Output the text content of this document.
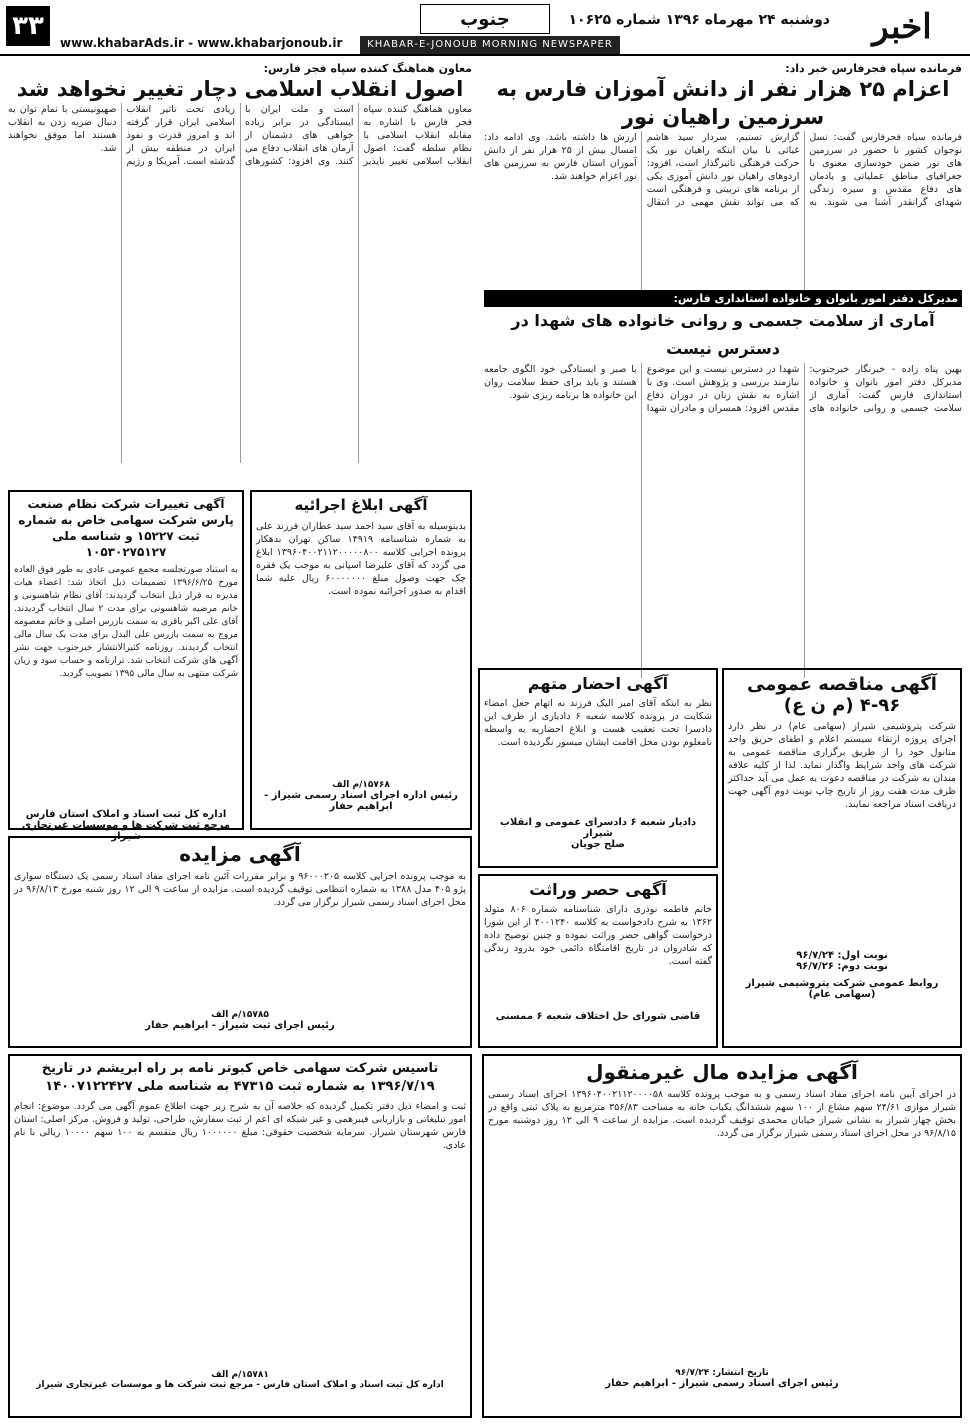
اخبر
دوشنبه ۲۴ مهرماه ۱۳۹۶ شماره ۱۰۶۲۵
جنوب
KHABAR-E-JONOUB MORNING NEWSPAPER
www.khabarAds.ir - www.khabarjonoub.ir
۳۳
فرمانده سپاه فجرفارس خبر داد:
اعزام ۲۵ هزار نفر از دانش آموزان فارس به سرزمین راهیان نور
فرمانده سپاه فجرفارس گفت: نسل نوجوان کشور با حضور در سرزمین های نور ضمن خودسازی معنوی با جغرافیای مناطق عملیاتی و یادمان های دفاع مقدس و سیره زندگی شهدای گرانقدر آشنا می شوند. به گزارش تسنیم، سردار سید هاشم غیاثی با بیان اینکه راهیان نور یک حرکت فرهنگی تاثیرگذار است، افزود: اردوهای راهیان نور دانش آموزی یکی از برنامه های تربیتی و فرهنگی است که می تواند نقش مهمی در انتقال ارزش ها داشته باشد. وی ادامه داد: امسال بیش از ۲۵ هزار نفر از دانش آموزان استان فارس به سرزمین های نور اعزام خواهند شد.
معاون هماهنگ کننده سپاه فجر فارس:
اصول انقلاب اسلامی دچار تغییر نخواهد شد
معاون هماهنگ کننده سپاه فجر فارس با اشاره به مقابله انقلاب اسلامی با نظام سلطه گفت: اصول انقلاب اسلامی تغییر ناپذیر است و ملت ایران با ایستادگی در برابر زیاده خواهی های دشمنان از آرمان های انقلاب دفاع می کنند. وی افزود: کشورهای زیادی تحت تاثیر انقلاب اسلامی ایران قرار گرفته اند و امروز قدرت و نفوذ ایران در منطقه بیش از گذشته است. آمریکا و رژیم صهیونیستی با تمام توان به دنبال ضربه زدن به انقلاب هستند اما موفق نخواهند شد.
مدیرکل دفتر امور بانوان و خانواده استانداری فارس:
آماری از سلامت جسمی و روانی خانواده های شهدا در دسترس نیست
بهین پناه زاده - خبرنگار خبرجنوب: مدیرکل دفتر امور بانوان و خانواده استانداری فارس گفت: آماری از سلامت جسمی و روانی خانواده های شهدا در دسترس نیست و این موضوع نیازمند بررسی و پژوهش است. وی با اشاره به نقش زنان در دوران دفاع مقدس افزود: همسران و مادران شهدا با صبر و ایستادگی خود الگوی جامعه هستند و باید برای حفظ سلامت روان این خانواده ها برنامه ریزی شود.
آگهی تغییرات شرکت نظام صنعت پارس شرکت سهامی خاص به شماره ثبت ۱۵۲۲۷ و شناسه ملی ۱۰۵۳۰۲۷۵۱۲۷
به استناد صورتجلسه مجمع عمومی عادی به طور فوق العاده مورخ ۱۳۹۶/۶/۲۵ تصمیمات ذیل اتخاذ شد: اعضاء هیات مدیره به قرار ذیل انتخاب گردیدند: آقای نظام شاهسونی و خانم مرضیه شاهسونی برای مدت ۲ سال انتخاب گردیدند. آقای علی اکبر باقری به سمت بازرس اصلی و خانم معصومه مروج به سمت بازرس علی البدل برای مدت یک سال مالی انتخاب گردیدند. روزنامه کثیرالانتشار خبرجنوب جهت نشر آگهی های شرکت انتخاب شد. ترازنامه و حساب سود و زیان شرکت منتهی به سال مالی ۱۳۹۵ تصویب گردید.
اداره کل ثبت اسناد و املاک استان فارس
مرجع ثبت شرکت ها و موسسات غیرتجاری شیراز
آگهی ابلاغ اجرائیه
بدینوسیله به آقای سید احمد سید عطاران فرزند علی به شماره شناسنامه ۱۴۹۱۹ ساکن تهران بدهکار پرونده اجرایی کلاسه ۱۳۹۶۰۴۰۰۲۱۱۲۰۰۰۰۰۸۰۰ ابلاغ می گردد که آقای علیرضا اسپانی به موجب یک فقره چک جهت وصول مبلغ ۶۰۰۰۰۰۰۰ ریال علیه شما اقدام به صدور اجرائیه نموده است.
۱۵۷۶۸/م الف
رئیس اداره اجرای اسناد رسمی شیراز - ابراهیم حفار
آگهی احضار متهم
نظر به اینکه آقای امیر الیک فرزند نه اتهام جعل امضاء شکایت در پرونده کلاسه شعبه ۶ دادیاری از طرف این دادسرا تحت تعقیب هست و ابلاغ احضاریه به واسطه نامعلوم بودن محل اقامت ایشان میسور نگردیده است.
دادیار شعبه ۶ دادسرای عمومی و انقلاب شیراز
صلح جویان
آگهی مناقصه عمومی
۴-۹۶ (م ن ع)
شرکت پتروشیمی شیراز (سهامی عام) در نظر دارد اجرای پروژه ارتقاء سیستم اعلام و اطفای حریق واحد متانول خود را از طریق برگزاری مناقصه عمومی به شرکت های واجد شرایط واگذار نماید. لذا از کلیه علاقه مندان به شرکت در مناقصه دعوت به عمل می آید حداکثر ظرف مدت هفت روز از تاریخ چاپ نوبت دوم آگهی جهت دریافت اسناد مراجعه نمایند.
نوبت اول: ۹۶/۷/۲۴
نوبت دوم: ۹۶/۷/۲۶
روابط عمومی شرکت پتروشیمی شیراز (سهامی عام)
آگهی حصر وراثت
خانم فاطمه نوذری دارای شناسنامه شماره ۸۰۶ متولد ۱۳۶۲ به شرح دادخواست به کلاسه ۴۰۰۱۲۴۰ از این شورا درخواست گواهی حصر وراثت نموده و چنین توضیح داده که شادروان در تاریخ اقامتگاه دائمی خود بدرود زندگی گفته است.
قاضی شورای حل اختلاف شعبه ۶ ممسنی
آگهی مزایده
به موجب پرونده اجرایی کلاسه ۹۶۰۰۰۲۰۵ و برابر مقررات آئین نامه اجرای مفاد اسناد رسمی یک دستگاه سواری پژو ۴۰۵ مدل ۱۳۸۸ به شماره انتظامی توقیف گردیده است. مزایده از ساعت ۹ الی ۱۲ روز شنبه مورخ ۹۶/۸/۱۳ در محل اجرای اسناد رسمی شیراز برگزار می گردد.
۱۵۷۸۵/م الف
رئیس اجرای ثبت شیراز - ابراهیم حفار
تاسیس شرکت سهامی خاص کبوتر نامه بر راه ابریشم در تاریخ ۱۳۹۶/۷/۱۹ به شماره ثبت ۴۷۳۱۵ به شناسه ملی ۱۴۰۰۷۱۲۲۴۲۷
ثبت و امضاء ذیل دفتر تکمیل گردیده که خلاصه آن به شرح زیر جهت اطلاع عموم آگهی می گردد. موضوع: انجام امور تبلیغاتی و بازاریابی فیبرهمی و غیر شبکه ای اعم از ثبت سفارش، طراحی، تولید و فروش. مرکز اصلی: استان فارس شهرستان شیراز. سرمایه شخصیت حقوقی: مبلغ ۱۰۰۰۰۰۰ ریال منقسم به ۱۰۰ سهم ۱۰۰۰۰ ریالی با نام عادی.
۱۵۷۸۱/م الف
اداره کل ثبت اسناد و املاک استان فارس - مرجع ثبت شرکت ها و موسسات غیرتجاری شیراز
آگهی مزایده مال غیرمنقول
در اجرای آیین نامه اجرای مفاد اسناد رسمی و به موجب پرونده کلاسه ۱۳۹۶۰۴۰۰۲۱۱۲۰۰۰۰۵۸ اجرای اسناد رسمی شیراز موازی ۲۴/۶۱ سهم مشاع از ۱۰۰ سهم ششدانگ یکباب خانه به مساحت ۳۵۶/۸۳ مترمربع به پلاک ثبتی واقع در بخش چهار شیراز به نشانی شیراز خیابان محمدی توقیف گردیده است. مزایده از ساعت ۹ الی ۱۲ روز دوشنبه مورخ ۹۶/۸/۱۵ در محل اجرای اسناد رسمی شیراز برگزار می گردد.
تاریخ انتشار: ۹۶/۷/۲۴
رئیس اجرای اسناد رسمی شیراز - ابراهیم حفار
